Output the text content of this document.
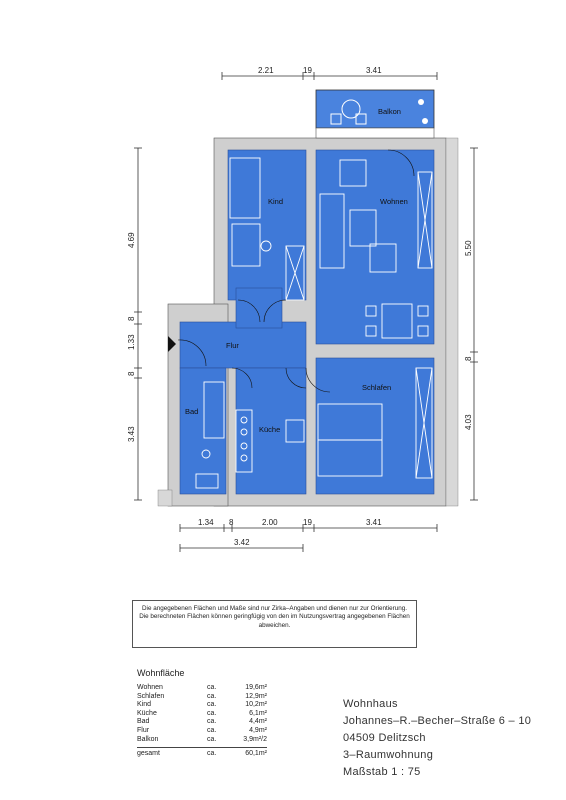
2.21	19	3.41
4.69
8
1.33
8
3.43
5.50
8
4.03
1.34 8	2.00	19	3.41
3.42
Balkon
Kind	Wohnen
Flur
Schlafen
Bad
Küche
Die angegebenen Flächen und Maße sind nur Zirka–Angaben und dienen nur zur Orientierung. Die berechneten Flächen können geringfügig von den im Nutzungsvertrag angegebenen Flächen abweichen.
Wohnfläche
Wohnen	ca.	19,6m²
Schlafen	ca.	12,9m²
Kind	ca.	10,2m²
Küche	ca.	6,1m²
Bad	ca.	4,4m²
Flur	ca.	4,9m²
Balkon	ca.	3,9m²/2
gesamt	ca.	60,1m²
Wohnhaus
Johannes–R.–Becher–Straße 6 – 10
04509 Delitzsch
3–Raumwohnung
Maßstab 1 : 75
